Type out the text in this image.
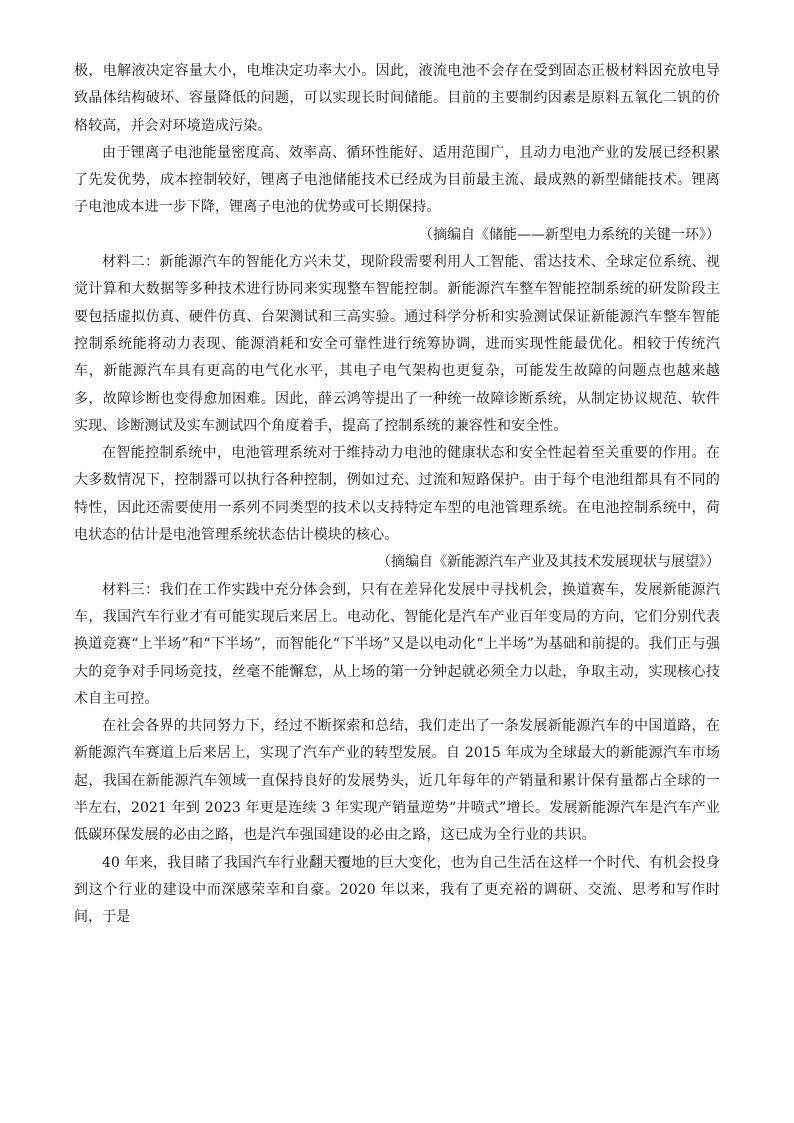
极，电解液决定容量大小，电堆决定功率大小。因此，液流电池不会存在受到固态正极材料因充放电导致晶体结构破坏、容量降低的问题，可以实现长时间储能。目前的主要制约因素是原料五氧化二钒的价格较高，并会对环境造成污染。

由于锂离子电池能量密度高、效率高、循环性能好、适用范围广，且动力电池产业的发展已经积累了先发优势，成本控制较好，锂离子电池储能技术已经成为目前最主流、最成熟的新型储能技术。锂离子电池成本进一步下降，锂离子电池的优势或可长期保持。

（摘编自《储能——新型电力系统的关键一环》）

材料二：新能源汽车的智能化方兴未艾，现阶段需要利用人工智能、雷达技术、全球定位系统、视觉计算和大数据等多种技术进行协同来实现整车智能控制。新能源汽车整车智能控制系统的研发阶段主要包括虚拟仿真、硬件仿真、台架测试和三高实验。通过科学分析和实验测试保证新能源汽车整车智能控制系统能将动力表现、能源消耗和安全可靠性进行统筹协调，进而实现性能最优化。相较于传统汽车，新能源汽车具有更高的电气化水平，其电子电气架构也更复杂，可能发生故障的问题点也越来越多，故障诊断也变得愈加困难。因此，薛云鸿等提出了一种统一故障诊断系统，从制定协议规范、软件实现、诊断测试及实车测试四个角度着手，提高了控制系统的兼容性和安全性。

在智能控制系统中，电池管理系统对于维持动力电池的健康状态和安全性起着至关重要的作用。在大多数情况下，控制器可以执行各种控制，例如过充、过流和短路保护。由于每个电池组都具有不同的特性，因此还需要使用一系列不同类型的技术以支持特定车型的电池管理系统。在电池控制系统中，荷电状态的估计是电池管理系统状态估计模块的核心。

（摘编自《新能源汽车产业及其技术发展现状与展望》）

材料三：我们在工作实践中充分体会到，只有在差异化发展中寻找机会，换道赛车，发展新能源汽车，我国汽车行业才有可能实现后来居上。电动化、智能化是汽车产业百年变局的方向，它们分别代表换道竞赛“上半场”和“下半场”，而智能化“下半场”又是以电动化“上半场”为基础和前提的。我们正与强大的竞争对手同场竞技，丝毫不能懈怠，从上场的第一分钟起就必须全力以赴，争取主动，实现核心技术自主可控。

在社会各界的共同努力下，经过不断探索和总结，我们走出了一条发展新能源汽车的中国道路，在新能源汽车赛道上后来居上，实现了汽车产业的转型发展。自 2015 年成为全球最大的新能源汽车市场起，我国在新能源汽车领域一直保持良好的发展势头，近几年每年的产销量和累计保有量都占全球的一半左右，2021 年到 2023 年更是连续 3 年实现产销量逆势“井喷式”增长。发展新能源汽车是汽车产业低碳环保发展的必由之路，也是汽车强国建设的必由之路，这已成为全行业的共识。

40 年来，我目睹了我国汽车行业翻天覆地的巨大变化，也为自己生活在这样一个时代、有机会投身到这个行业的建设中而深感荣幸和自豪。2020 年以来，我有了更充裕的调研、交流、思考和写作时间，于是
